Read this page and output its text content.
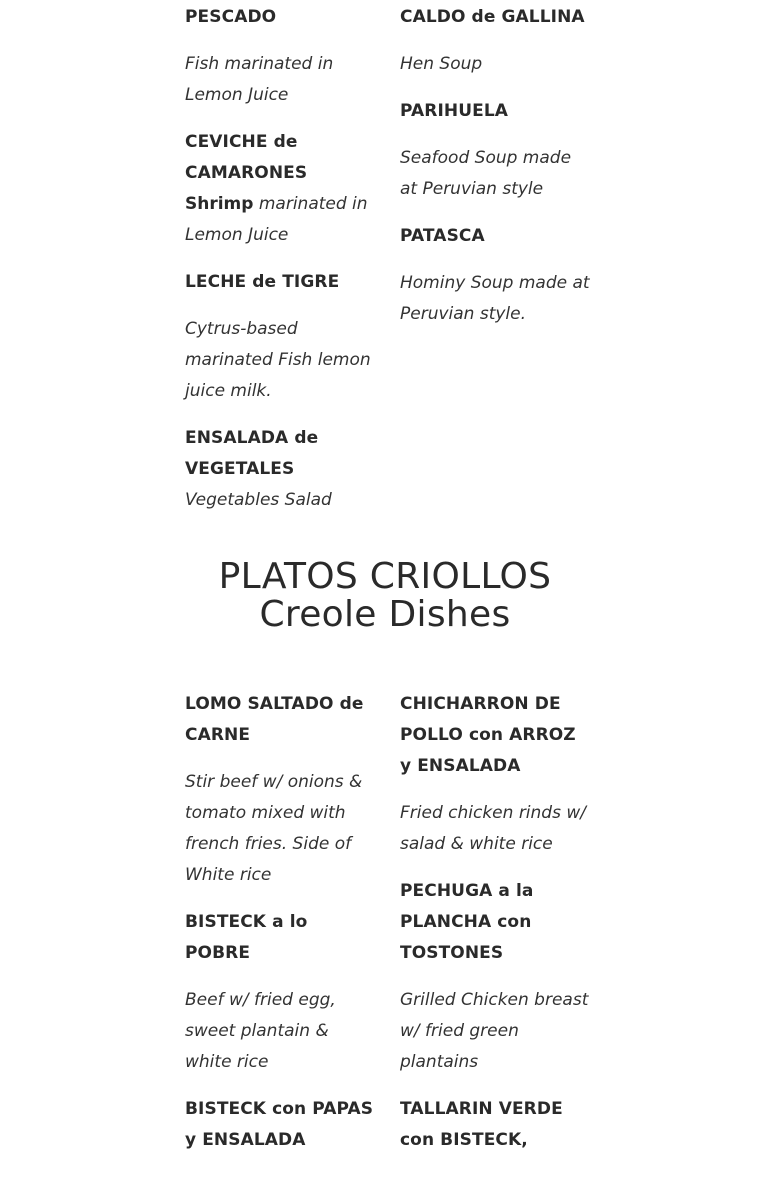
PESCADO
Fish marinated in Lemon Juice
CEVICHE de CAMARONES
Shrimp marinated in Lemon Juice
LECHE de TIGRE
Cytrus-based marinated Fish lemon juice milk.
ENSALADA de VEGETALES
Vegetables Salad
CALDO de GALLINA
Hen Soup
PARIHUELA
Seafood Soup made at Peruvian style
PATASCA
Hominy Soup made at Peruvian style.
PLATOS CRIOLLOS
Creole Dishes
LOMO SALTADO de CARNE
Stir beef w/ onions & tomato mixed with french fries. Side of White rice
BISTECK a lo POBRE
Beef w/ fried egg, sweet plantain & white rice
BISTECK con PAPAS y ENSALADA
CHICHARRON DE POLLO con ARROZ y ENSALADA
Fried chicken rinds w/ salad & white rice
PECHUGA a la PLANCHA con TOSTONES
Grilled Chicken breast w/ fried green plantains
TALLARIN VERDE con BISTECK,
